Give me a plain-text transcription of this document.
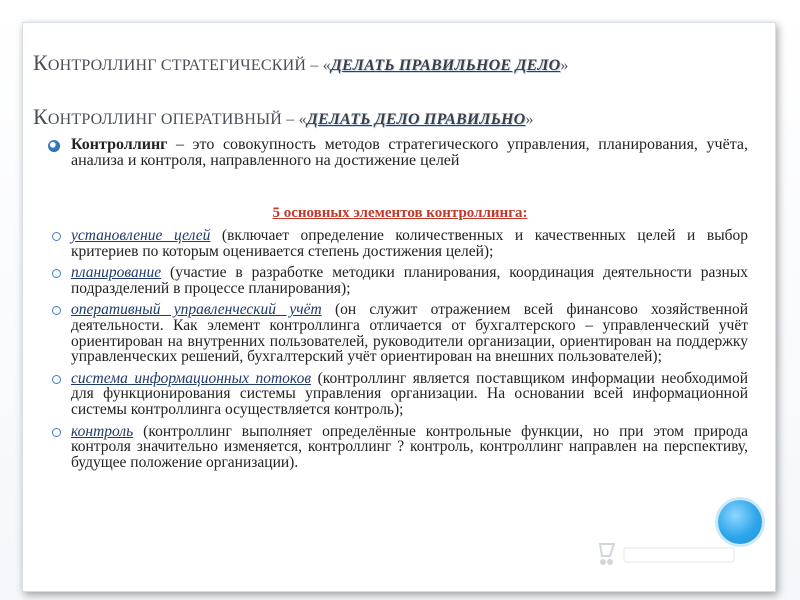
КОНТРОЛЛИНГ СТРАТЕГИЧЕСКИЙ – «ДЕЛАТЬ ПРАВИЛЬНОЕ ДЕЛО»
КОНТРОЛЛИНГ ОПЕРАТИВНЫЙ – «ДЕЛАТЬ ДЕЛО ПРАВИЛЬНО»
Контроллинг – это совокупность методов стратегического управления, планирования, учёта, анализа и контроля, направленного на достижение целей
5 основных элементов контроллинга:
установление целей (включает определение количественных и качественных целей и выбор критериев по которым оценивается степень достижения целей);
планирование (участие в разработке методики планирования, координация деятельности разных подразделений в процессе планирования);
оперативный управленческий учёт (он служит отражением всей финансово хозяйственной деятельности. Как элемент контроллинга отличается от бухгалтерского – управленческий учёт ориентирован на внутренних пользователей, руководители организации, ориентирован на поддержку управленческих решений, бухгалтерский учёт ориентирован на внешних пользователей);
система информационных потоков (контроллинг является поставщиком информации необходимой для функционирования системы управления организации. На основании всей информационной системы контроллинга осуществляется контроль);
контроль (контроллинг выполняет определённые контрольные функции, но при этом природа контроля значительно изменяется, контроллинг ? контроль, контроллинг направлен на перспективу, будущее положение организации).
